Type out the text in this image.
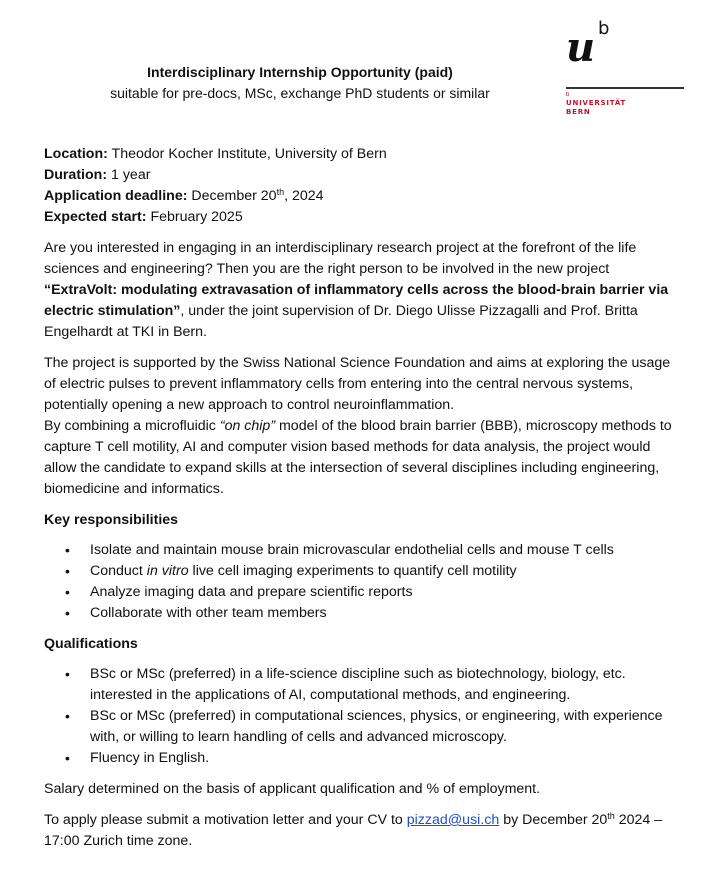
u b
b
UNIVERSITÄT
BERN
Interdisciplinary Internship Opportunity (paid)
suitable for pre-docs, MSc, exchange PhD students or similar

Location: Theodor Kocher Institute, University of Bern

Duration: 1 year

Application deadline: December 20th, 2024

Expected start: February 2025

Are you interested in engaging in an interdisciplinary research project at the forefront of the life sciences and engineering? Then you are the right person to be involved in the new project “ExtraVolt: modulating extravasation of inflammatory cells across the blood-brain barrier via electric stimulation”, under the joint supervision of Dr. Diego Ulisse Pizzagalli and Prof. Britta Engelhardt at TKI in Bern.

The project is supported by the Swiss National Science Foundation and aims at exploring the usage of electric pulses to prevent inflammatory cells from entering into the central nervous systems, potentially opening a new approach to control neuroinflammation.

By combining a microfluidic “on chip” model of the blood brain barrier (BBB), microscopy methods to capture T cell motility, AI and computer vision based methods for data analysis, the project would allow the candidate to expand skills at the intersection of several disciplines including engineering, biomedicine and informatics.

Key responsibilities

• Isolate and maintain mouse brain microvascular endothelial cells and mouse T cells
• Conduct in vitro live cell imaging experiments to quantify cell motility
• Analyze imaging data and prepare scientific reports
• Collaborate with other team members

Qualifications

• BSc or MSc (preferred) in a life-science discipline such as biotechnology, biology, etc. interested in the applications of AI, computational methods, and engineering.
• BSc or MSc (preferred) in computational sciences, physics, or engineering, with experience with, or willing to learn handling of cells and advanced microscopy.
• Fluency in English.

Salary determined on the basis of applicant qualification and % of employment.

To apply please submit a motivation letter and your CV to pizzad@usi.ch by December 20th 2024 – 17:00 Zurich time zone.
